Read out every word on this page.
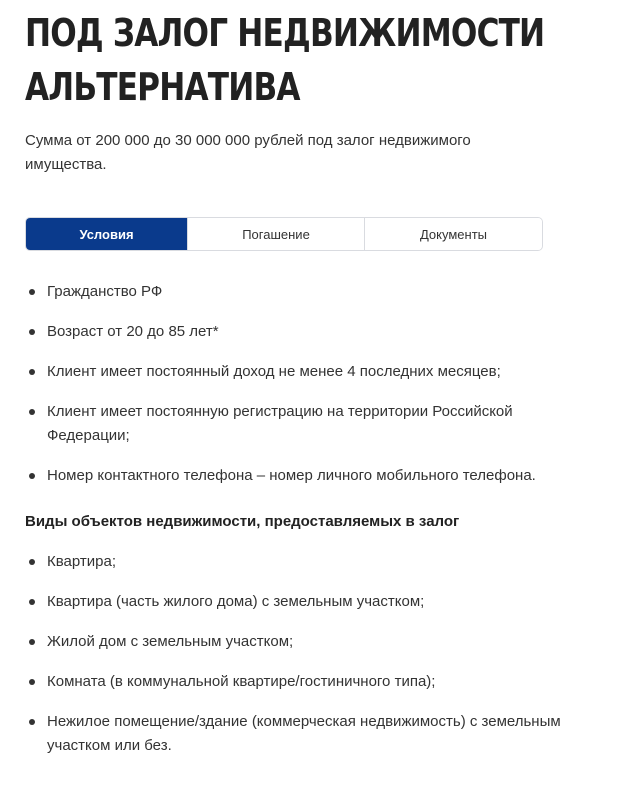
ПОД ЗАЛОГ НЕДВИЖИМОСТИ
АЛЬТЕРНАТИВА

Сумма от 200 000 до 30 000 000 рублей под залог недвижимого имущества.

Условия	Погашение	Документы
Гражданство РФ
Возраст от 20 до 85 лет*
Клиент имеет постоянный доход не менее 4 последних месяцев;
Клиент имеет постоянную регистрацию на территории Российской Федерации;
Номер контактного телефона – номер личного мобильного телефона.
Виды объектов недвижимости, предоставляемых в залог
Квартира;
Квартира (часть жилого дома) с земельным участком;
Жилой дом с земельным участком;
Комната (в коммунальной квартире/гостиничного типа);
Нежилое помещение/здание (коммерческая недвижимость) с земельным участком или без.
